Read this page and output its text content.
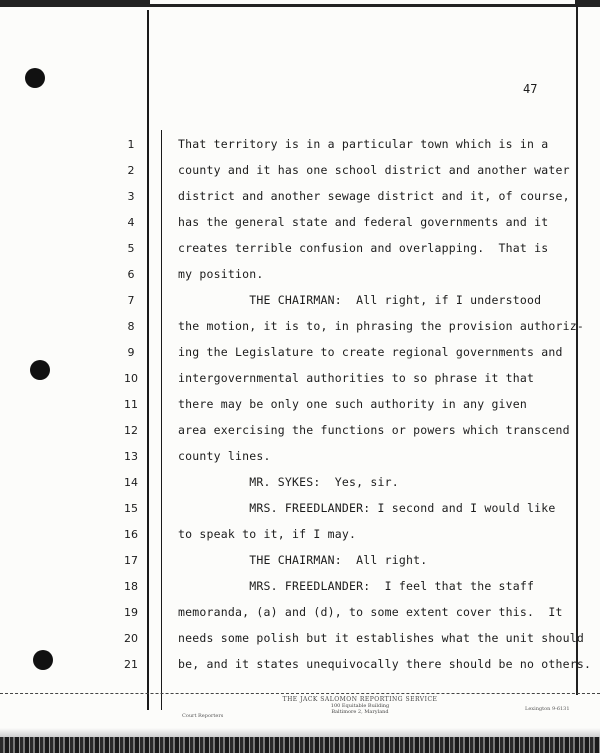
47
1	That territory is in a particular town which is in a
2	county and it has one school district and another water
3	district and another sewage district and it, of course,
4	has the general state and federal governments and it
5	creates terrible confusion and overlapping.  That is
6	my position.
7	THE CHAIRMAN:  All right, if I understood
8	the motion, it is to, in phrasing the provision authoriz-
9	ing the Legislature to create regional governments and
10	intergovernmental authorities to so phrase it that
11	there may be only one such authority in any given
12	area exercising the functions or powers which transcend
13	county lines.
14	MR. SYKES:  Yes, sir.
15	MRS. FREEDLANDER: I second and I would like
16	to speak to it, if I may.
17	THE CHAIRMAN:  All right.
18	MRS. FREEDLANDER:  I feel that the staff
19	memoranda, (a) and (d), to some extent cover this.  It
20	needs some polish but it establishes what the unit should
21	be, and it states unequivocally there should be no others.
THE JACK SALOMON REPORTING SERVICE
100 Equitable Building
Baltimore 2, Maryland
Court Reporters
Lexington 9-6131
